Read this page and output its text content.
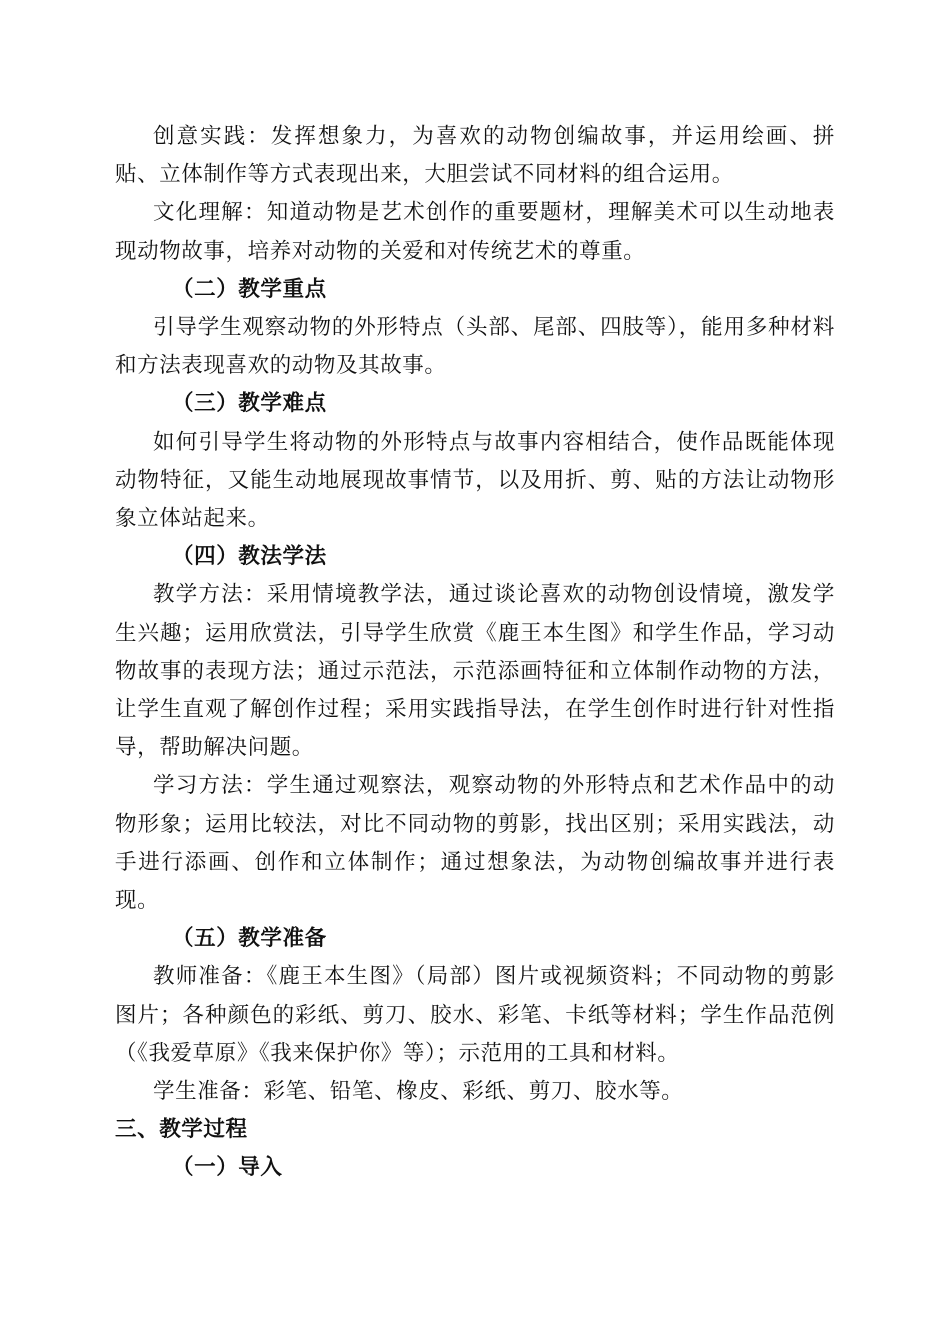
创意实践：发挥想象力，为喜欢的动物创编故事，并运用绘画、拼贴、立体制作等方式表现出来，大胆尝试不同材料的组合运用。

文化理解：知道动物是艺术创作的重要题材，理解美术可以生动地表现动物故事，培养对动物的关爱和对传统艺术的尊重。

（二）教学重点

引导学生观察动物的外形特点（头部、尾部、四肢等），能用多种材料和方法表现喜欢的动物及其故事。

（三）教学难点

如何引导学生将动物的外形特点与故事内容相结合，使作品既能体现动物特征，又能生动地展现故事情节，以及用折、剪、贴的方法让动物形象立体站起来。

（四）教法学法

教学方法：采用情境教学法，通过谈论喜欢的动物创设情境，激发学生兴趣；运用欣赏法，引导学生欣赏《鹿王本生图》和学生作品，学习动物故事的表现方法；通过示范法，示范添画特征和立体制作动物的方法，让学生直观了解创作过程；采用实践指导法，在学生创作时进行针对性指导，帮助解决问题。

学习方法：学生通过观察法，观察动物的外形特点和艺术作品中的动物形象；运用比较法，对比不同动物的剪影，找出区别；采用实践法，动手进行添画、创作和立体制作；通过想象法，为动物创编故事并进行表现。

（五）教学准备

教师准备：《鹿王本生图》（局部）图片或视频资料；不同动物的剪影图片；各种颜色的彩纸、剪刀、胶水、彩笔、卡纸等材料；学生作品范例（《我爱草原》《我来保护你》等）；示范用的工具和材料。

学生准备：彩笔、铅笔、橡皮、彩纸、剪刀、胶水等。

三、教学过程

（一）导入
